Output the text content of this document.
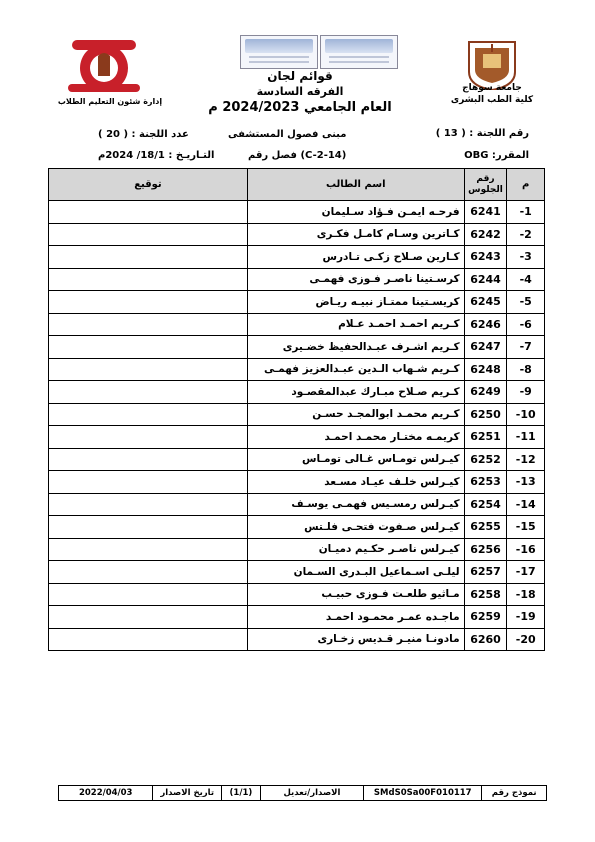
إدارة شئون التعليم الطلاب
جامعة سوهاج
كلية الطب البشرى
قوائم لجان
الفرقه السادسة
العام الجامعي 2024/2023 م
رقم اللجنة : ( 13 )
مبنى فصول المستشفى
عدد اللجنة : ( 20 )
المقرر: OBG
فصل رقم (C-2-14)
التـاريـخ : 18/1/ 2024م
م	رقم الجلوس	اسم الطالب	توقيع
-1	6241	فرحـه ايمـن فـؤاد سـليمان	
-2	6242	كـاترين وسـام كامـل فكـرى	
-3	6243	كـارين صـلاح زكـى تـادرس	
-4	6244	كرسـتينا ناصـر فـوزى فهمـى	
-5	6245	كريسـتينا ممتـاز نبيـه ريـاض	
-6	6246	كـريم احمـد احمـد عـلام	
-7	6247	كـريم اشـرف عبـدالحفيظ خضـيرى	
-8	6248	كـريم شـهاب الـدين عبـدالعزيز فهمـى	
-9	6249	كـريم صـلاح مبـارك عبدالمقصـود	
-10	6250	كـريم محمـد ابوالمجـد حسـن	
-11	6251	كريمـه مختـار محمـد احمـد	
-12	6252	كيـرلس تومـاس غـالى تومـاس	
-13	6253	كيـرلس خلـف عيـاد مسـعد	
-14	6254	كيـرلس رمسـيس فهمـى يوسـف	
-15	6255	كيـرلس صـفوت فتحـى فلـتس	
-16	6256	كيـرلس ناصـر حكـيم دميـان	
-17	6257	ليلـى اسـماعيل البـدرى السـمان	
-18	6258	مـاثيو طلعـت فـوزى حبيـب	
-19	6259	ماجـده عمـر محمـود احمـد	
-20	6260	مادونـا منيـر قـديس زخـارى	
نموذج رقم
SMdS0Sa00F010117
الاصدار/تعديل
(1/1)
تاريخ الاصدار
2022/04/03
